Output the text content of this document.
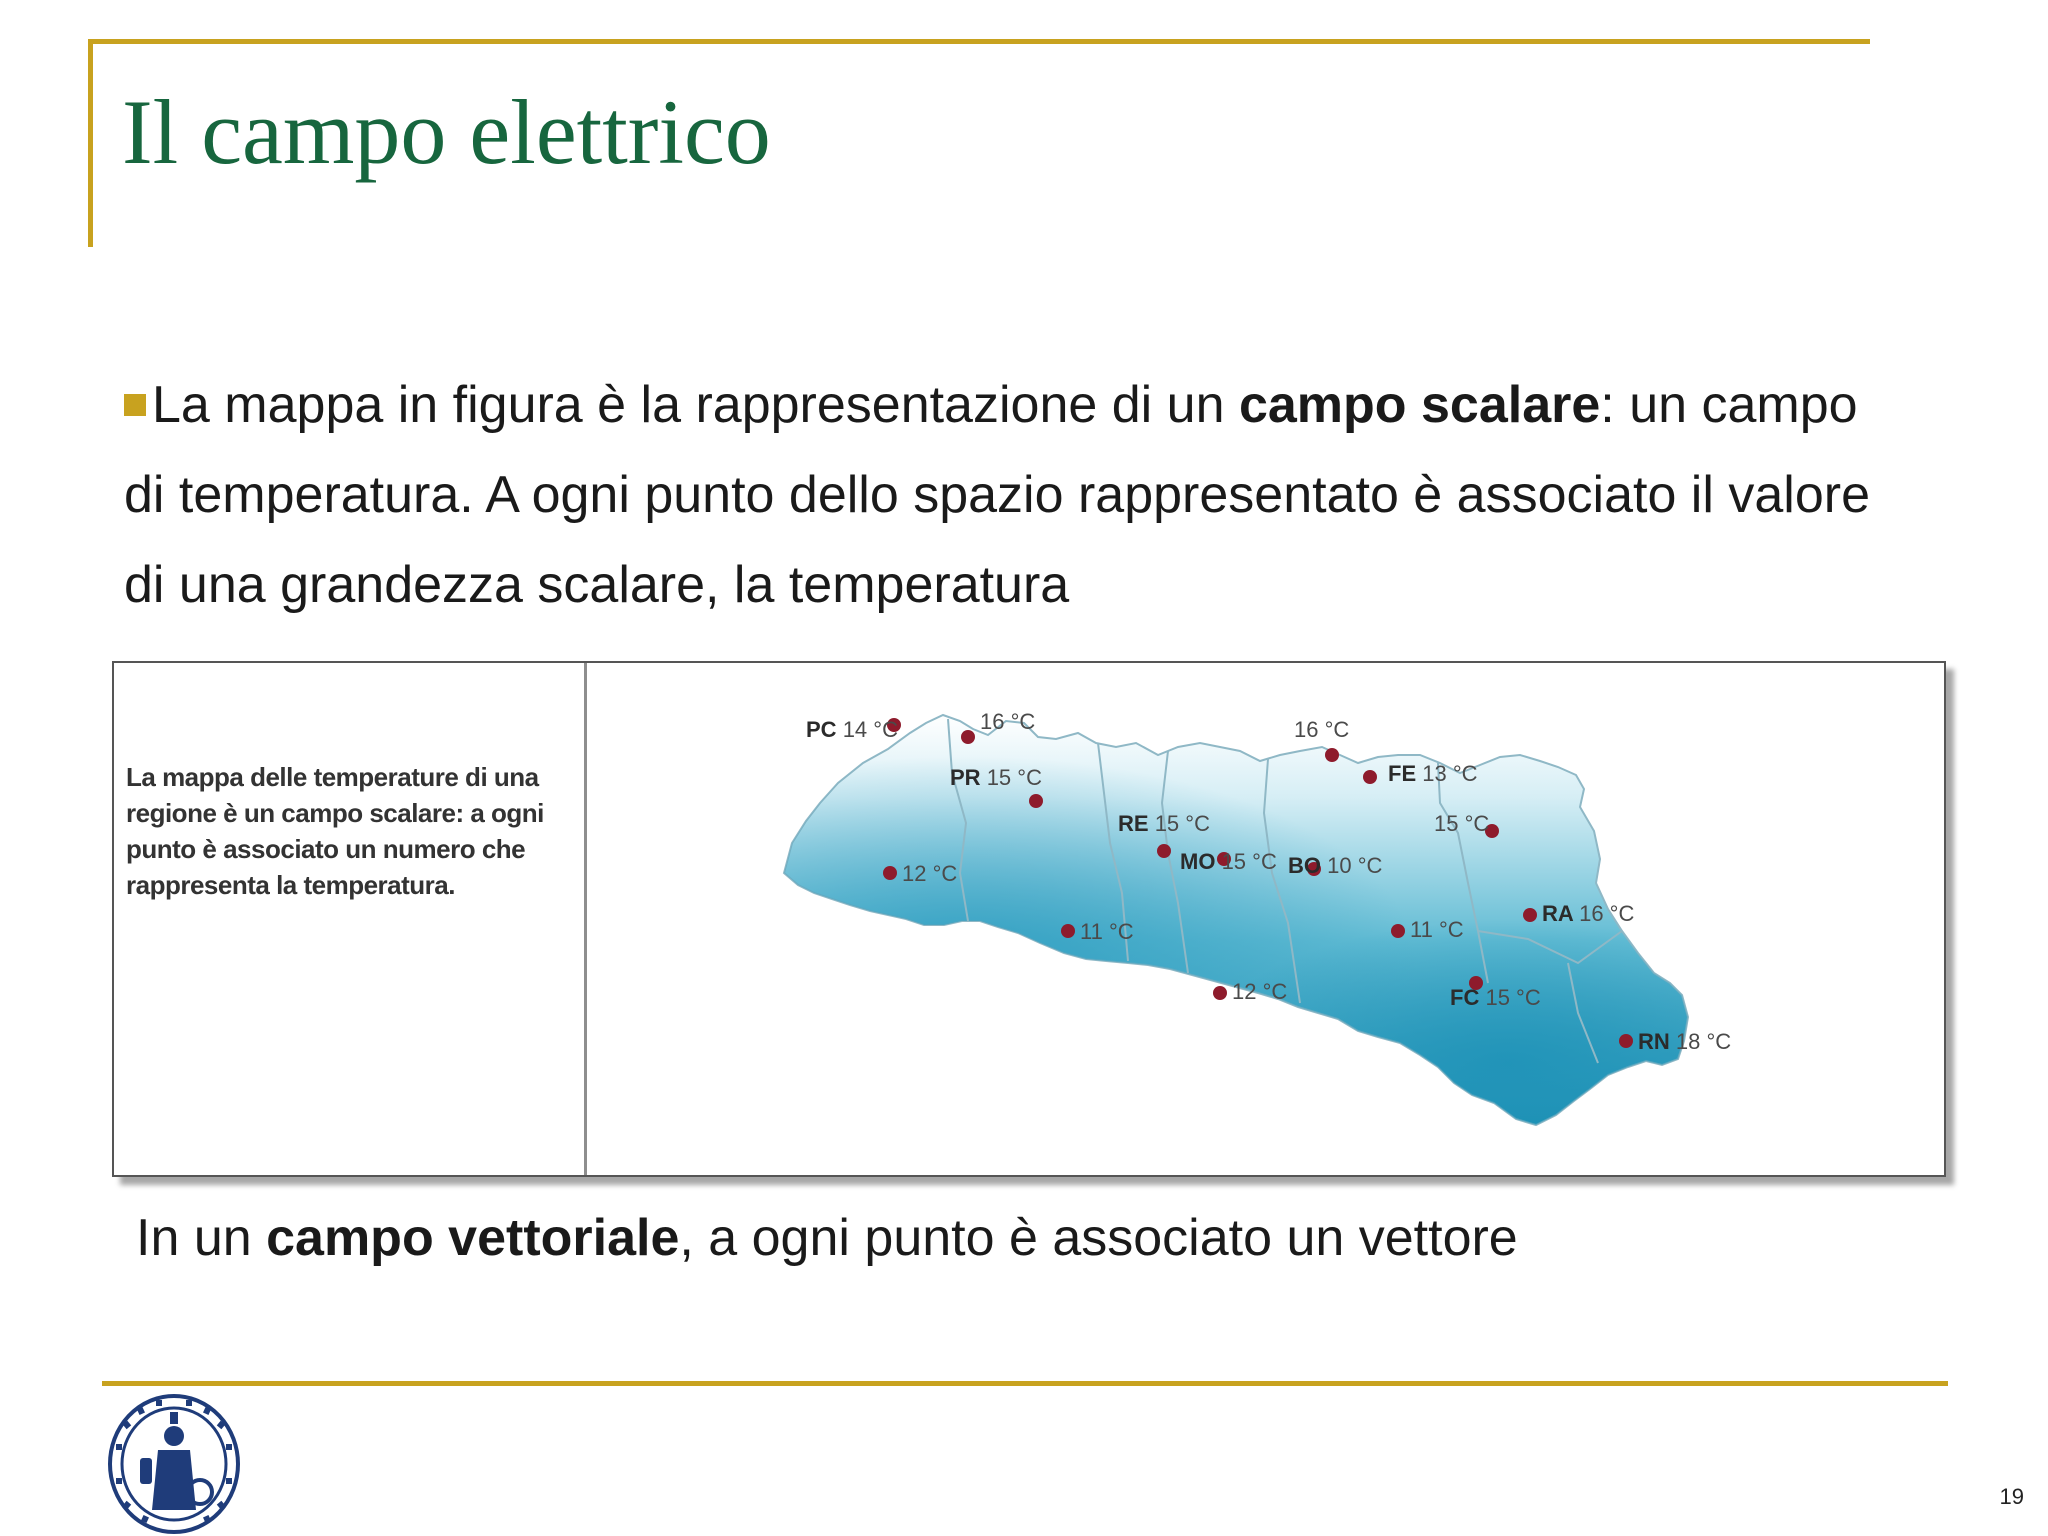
Il campo elettrico

La mappa in figura è la rappresentazione di un campo scalare: un campo di temperatura. A ogni punto dello spazio rappresentato è associato il valore di una grandezza scalare, la temperatura

La mappa delle temperature di una regione è un campo scalare: a ogni punto è associato un numero che rappresenta la temperatura.

PC 14 °C	16 °C
PR 15 °C
RE 15 °C
MO 15 °C
16 °C
FE 13 °C
15 °C
BO 10 °C
12 °C
11 °C
12 °C
11 °C
RA 16 °C
FC 15 °C
RN 18 °C

In un campo vettoriale, a ogni punto è associato un vettore

19
